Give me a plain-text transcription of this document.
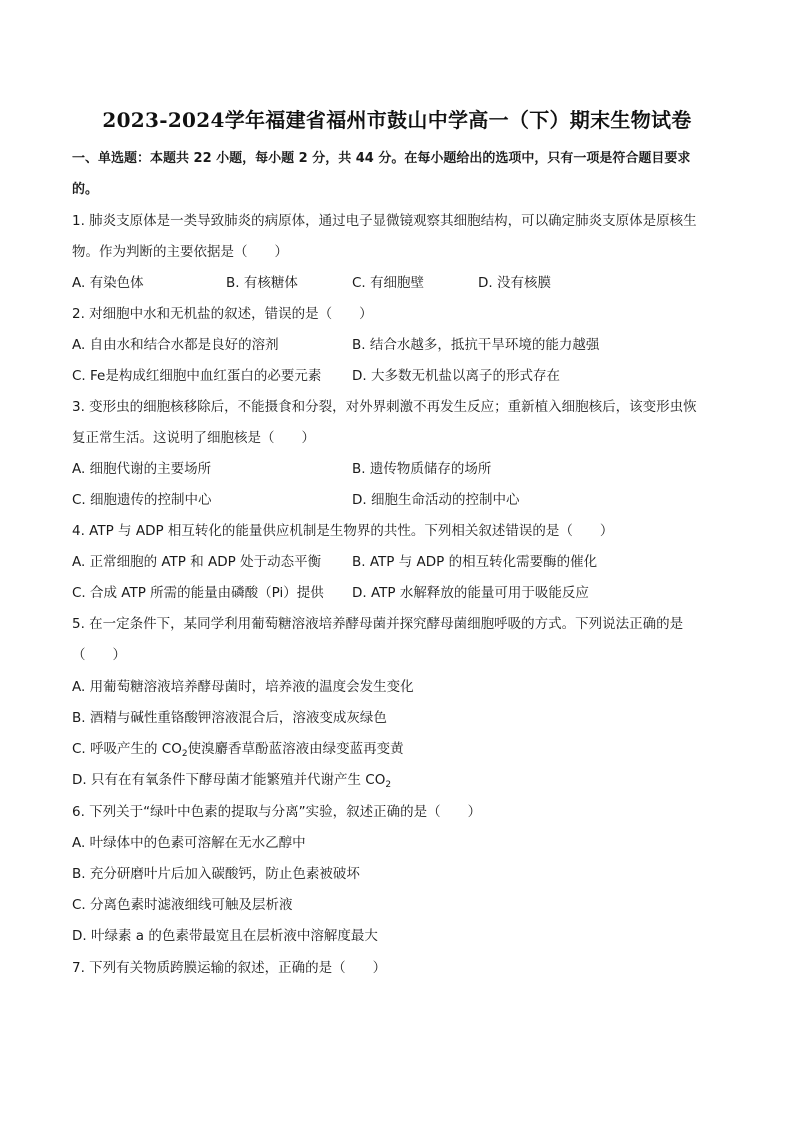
2023-2024学年福建省福州市鼓山中学高一（下）期末生物试卷
一、单选题：本题共 22 小题，每小题 2 分，共 44 分。在每小题给出的选项中，只有一项是符合题目要求
的。
1. 肺炎支原体是一类导致肺炎的病原体，通过电子显微镜观察其细胞结构，可以确定肺炎支原体是原核生
物。作为判断的主要依据是（　　）
A. 有染色体	B. 有核糖体	C. 有细胞壁	D. 没有核膜
2. 对细胞中水和无机盐的叙述，错误的是（　　）
A. 自由水和结合水都是良好的溶剂	B. 结合水越多，抵抗干旱环境的能力越强
C. Fe是构成红细胞中血红蛋白的必要元素 D. 大多数无机盐以离子的形式存在
3. 变形虫的细胞核移除后，不能摄食和分裂，对外界刺激不再发生反应；重新植入细胞核后，该变形虫恢
复正常生活。这说明了细胞核是（　　）
A. 细胞代谢的主要场所	B. 遗传物质储存的场所
C. 细胞遗传的控制中心	D. 细胞生命活动的控制中心
4. ATP 与 ADP 相互转化的能量供应机制是生物界的共性。下列相关叙述错误的是（　　）
A. 正常细胞的 ATP 和 ADP 处于动态平衡 B. ATP 与 ADP 的相互转化需要酶的催化
C. 合成 ATP 所需的能量由磷酸（Pi）提供 D. ATP 水解释放的能量可用于吸能反应
5. 在一定条件下，某同学利用葡萄糖溶液培养酵母菌并探究酵母菌细胞呼吸的方式。下列说法正确的是
（　　）
A. 用葡萄糖溶液培养酵母菌时，培养液的温度会发生变化
B. 酒精与碱性重铬酸钾溶液混合后，溶液变成灰绿色
C. 呼吸产生的 $CO_2$使溴麝香草酚蓝溶液由绿变蓝再变黄
D. 只有在有氧条件下酵母菌才能繁殖并代谢产生 $CO_2$
6. 下列关于“绿叶中色素的提取与分离”实验，叙述正确的是（　　）
A. 叶绿体中的色素可溶解在无水乙醇中
B. 充分研磨叶片后加入碳酸钙，防止色素被破坏
C. 分离色素时滤液细线可触及层析液
D. 叶绿素 a 的色素带最宽且在层析液中溶解度最大
7. 下列有关物质跨膜运输的叙述，正确的是（　　）
